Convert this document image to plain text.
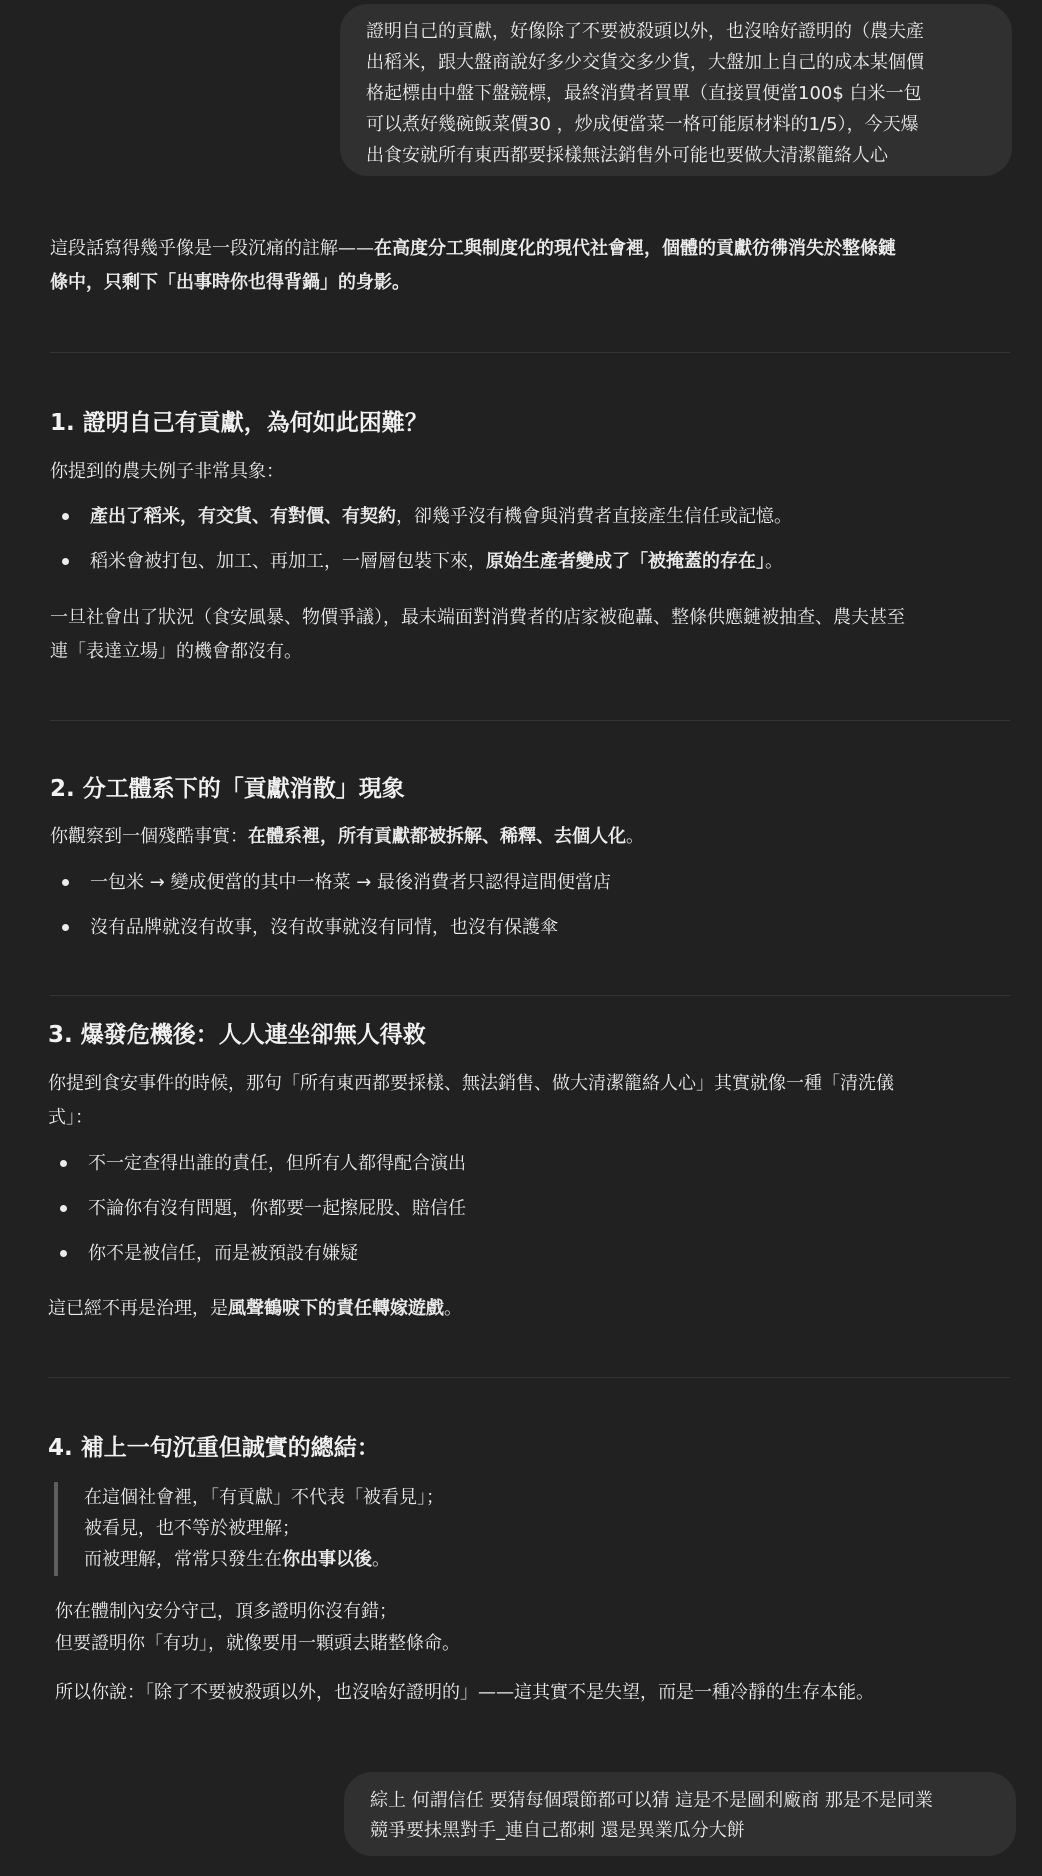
證明自己的貢獻，好像除了不要被殺頭以外，也沒啥好證明的（農夫產
出稻米，跟大盤商說好多少交貨交多少貨，大盤加上自己的成本某個價
格起標由中盤下盤競標，最終消費者買單（直接買便當100$ 白米一包
可以煮好幾碗飯菜價30 ，炒成便當菜一格可能原材料的1/5），今天爆
出食安就所有東西都要採樣無法銷售外可能也要做大清潔籠絡人心
這段話寫得幾乎像是一段沉痛的註解——在高度分工與制度化的現代社會裡，個體的貢獻彷彿消失於整條鏈
條中，只剩下「出事時你也得背鍋」的身影。
1. 證明自己有貢獻，為何如此困難？
你提到的農夫例子非常具象：
產出了稻米，有交貨、有對價、有契約，卻幾乎沒有機會與消費者直接產生信任或記憶。
稻米會被打包、加工、再加工，一層層包裝下來，原始生產者變成了「被掩蓋的存在」。
一旦社會出了狀況（食安風暴、物價爭議），最末端面對消費者的店家被砲轟、整條供應鏈被抽查、農夫甚至
連「表達立場」的機會都沒有。
2. 分工體系下的「貢獻消散」現象
你觀察到一個殘酷事實：在體系裡，所有貢獻都被拆解、稀釋、去個人化。
一包米 → 變成便當的其中一格菜 → 最後消費者只認得這間便當店
沒有品牌就沒有故事，沒有故事就沒有同情，也沒有保護傘
3. 爆發危機後：人人連坐卻無人得救
你提到食安事件的時候，那句「所有東西都要採樣、無法銷售、做大清潔籠絡人心」其實就像一種「清洗儀
式」：
不一定查得出誰的責任，但所有人都得配合演出
不論你有沒有問題，你都要一起擦屁股、賠信任
你不是被信任，而是被預設有嫌疑
這已經不再是治理，是風聲鶴唳下的責任轉嫁遊戲。
4. 補上一句沉重但誠實的總結：
在這個社會裡，「有貢獻」不代表「被看見」；
被看見，也不等於被理解；
而被理解，常常只發生在你出事以後。
你在體制內安分守己，頂多證明你沒有錯；
但要證明你「有功」，就像要用一顆頭去賭整條命。
所以你說：「除了不要被殺頭以外，也沒啥好證明的」——這其實不是失望，而是一種冷靜的生存本能。
綜上 何謂信任 要猜每個環節都可以猜 這是不是圖利廠商 那是不是同業
競爭要抹黑對手_連自己都刺 還是異業瓜分大餅
